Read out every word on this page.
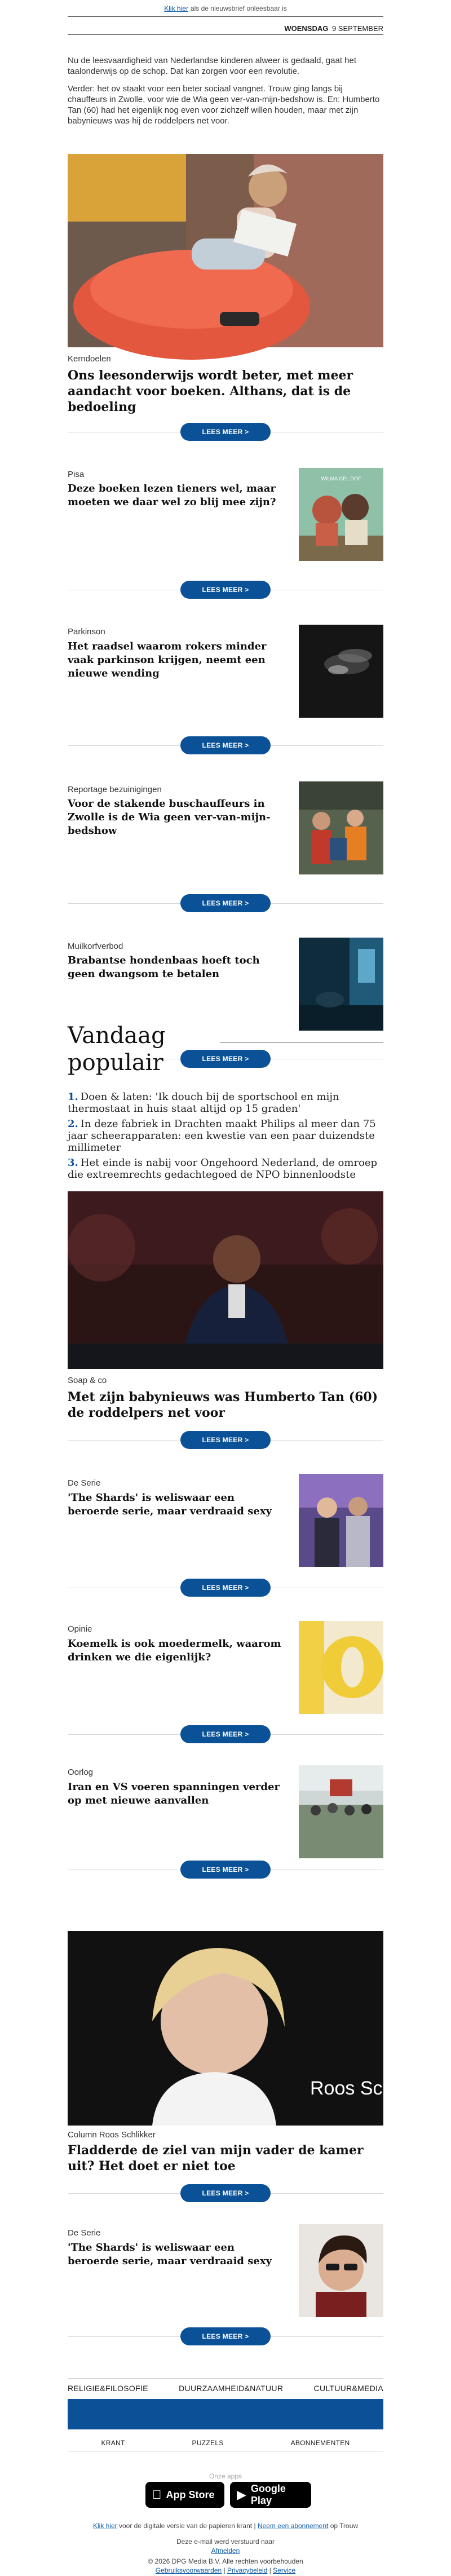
Klik hier als de nieuwsbrief onleesbaar is
WOENSDAG 9 SEPTEMBER

Nu de leesvaardigheid van Nederlandse kinderen alweer is gedaald, gaat het taalonderwijs op de schop. Dat kan zorgen voor een revolutie.

Verder: het ov staakt voor een beter sociaal vangnet. Trouw ging langs bij chauffeurs in Zwolle, voor wie de Wia geen ver-van-mijn-bedshow is. En: Humberto Tan (60) had het eigenlijk nog even voor zichzelf willen houden, maar met zijn babynieuws was hij de roddelpers net voor.

Kerndoelen
Ons leesonderwijs wordt beter, met meer aandacht voor boeken. Althans, dat is de bedoeling
LEES MEER >
Pisa
Deze boeken lezen tieners wel, maar moeten we daar wel zo blij mee zijn?
WILMA GEL DOF
LEES MEER >
Parkinson
Het raadsel waarom rokers minder vaak parkinson krijgen, neemt een nieuwe wending
LEES MEER >
Reportage bezuinigingen
Voor de stakende buschauffeurs in Zwolle is de Wia geen ver-van-mijn-bedshow
LEES MEER >
Muilkorfverbod
Brabantse hondenbaas hoeft toch geen dwangsom te betalen
LEES MEER >
Vandaag populair
1. Doen & laten: 'Ik douch bij de sportschool en mijn thermostaat in huis staat altijd op 15 graden'
2. In deze fabriek in Drachten maakt Philips al meer dan 75 jaar scheerapparaten: een kwestie van een paar duizendste millimeter
3. Het einde is nabij voor Ongehoord Nederland, de omroep die extreemrechts gedachtegoed de NPO binnenloodste
Soap & co
Met zijn babynieuws was Humberto Tan (60) de roddelpers net voor
LEES MEER >
De Serie
'The Shards' is weliswaar een beroerde serie, maar verdraaid sexy
LEES MEER >
Opinie
Koemelk is ook moedermelk, waarom drinken we die eigenlijk?
LEES MEER >
Oorlog
Iran en VS voeren spanningen verder op met nieuwe aanvallen
LEES MEER >
Roos Schlikker
Column Roos Schlikker
Fladderde de ziel van mijn vader de kamer uit? Het doet er niet toe
LEES MEER >
De Serie
'The Shards' is weliswaar een beroerde serie, maar verdraaid sexy
LEES MEER >
RELIGIE&FILOSOFIE	DUURZAAMHEID&NATUUR	CULTUUR&MEDIA
KRANT	PUZZELS	ABONNEMENTEN
Onze apps
App Store	▶ Google Play
Klik hier voor de digitale versie van de papieren krant | Neem een abonnement op Trouw
Deze e-mail werd verstuurd naar
Afmelden
© 2026 DPG Media B.V. Alle rechten voorbehouden
Gebruiksvoorwaarden | Privacybeleid | Service
